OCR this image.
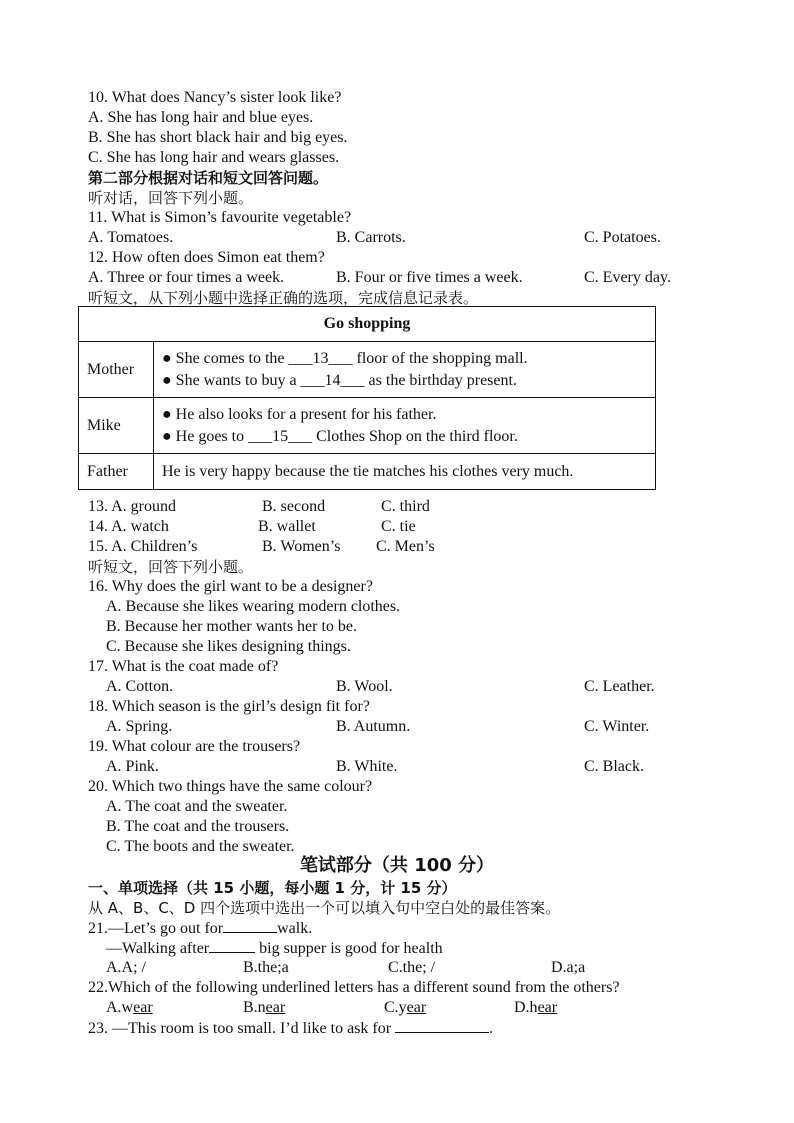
10. What does Nancy’s sister look like?
A. She has long hair and blue eyes.
B. She has short black hair and big eyes.
C. She has long hair and wears glasses.
第二部分根据对话和短文回答问题。
听对话，回答下列小题。
11. What is Simon’s favourite vegetable?
A. Tomatoes.	B. Carrots.	C. Potatoes.
12. How often does Simon eat them?
A. Three or four times a week.	B. Four or five times a week.	C. Every day.
听短文，从下列小题中选择正确的选项，完成信息记录表。
Go shopping	
Mother	● She comes to the ___13___ floor of the shopping mall.
● She wants to buy a ___14___ as the birthday present.

Mike	● He also looks for a present for his father.
● He goes to ___15___ Clothes Shop on the third floor.

Father	He is very happy because the tie matches his clothes very much.
13. A. ground	B. second	C. third
14. A. watch	B. wallet	C. tie
15. A. Children’s	B. Women’s C. Men’s
听短文，回答下列小题。
16. Why does the girl want to be a designer?
A. Because she likes wearing modern clothes.
B. Because her mother wants her to be.
C. Because she likes designing things.
17. What is the coat made of?
A. Cotton.	B. Wool.	C. Leather.
18. Which season is the girl’s design fit for?
A. Spring.	B. Autumn.	C. Winter.
19. What colour are the trousers?
A. Pink.	B. White.	C. Black.
20. Which two things have the same colour?
A. The coat and the sweater.
B. The coat and the trousers.
C. The boots and the sweater.
笔试部分（共 100 分）
一、单项选择（共 15 小题，每小题 1 分，计 15 分）
从 A、B、C、D 四个选项中选出一个可以填入句中空白处的最佳答案。
21.—Let’s go out for	walk.
—Walking after	big supper is good for health
A.A; /	B.the;a	C.the; /	D.a;a
22.Which of the following underlined letters has a different sound from the others?
A.wear	B.near	C.year	D.hear
23. —This room is too small. I’d like to ask for	.
